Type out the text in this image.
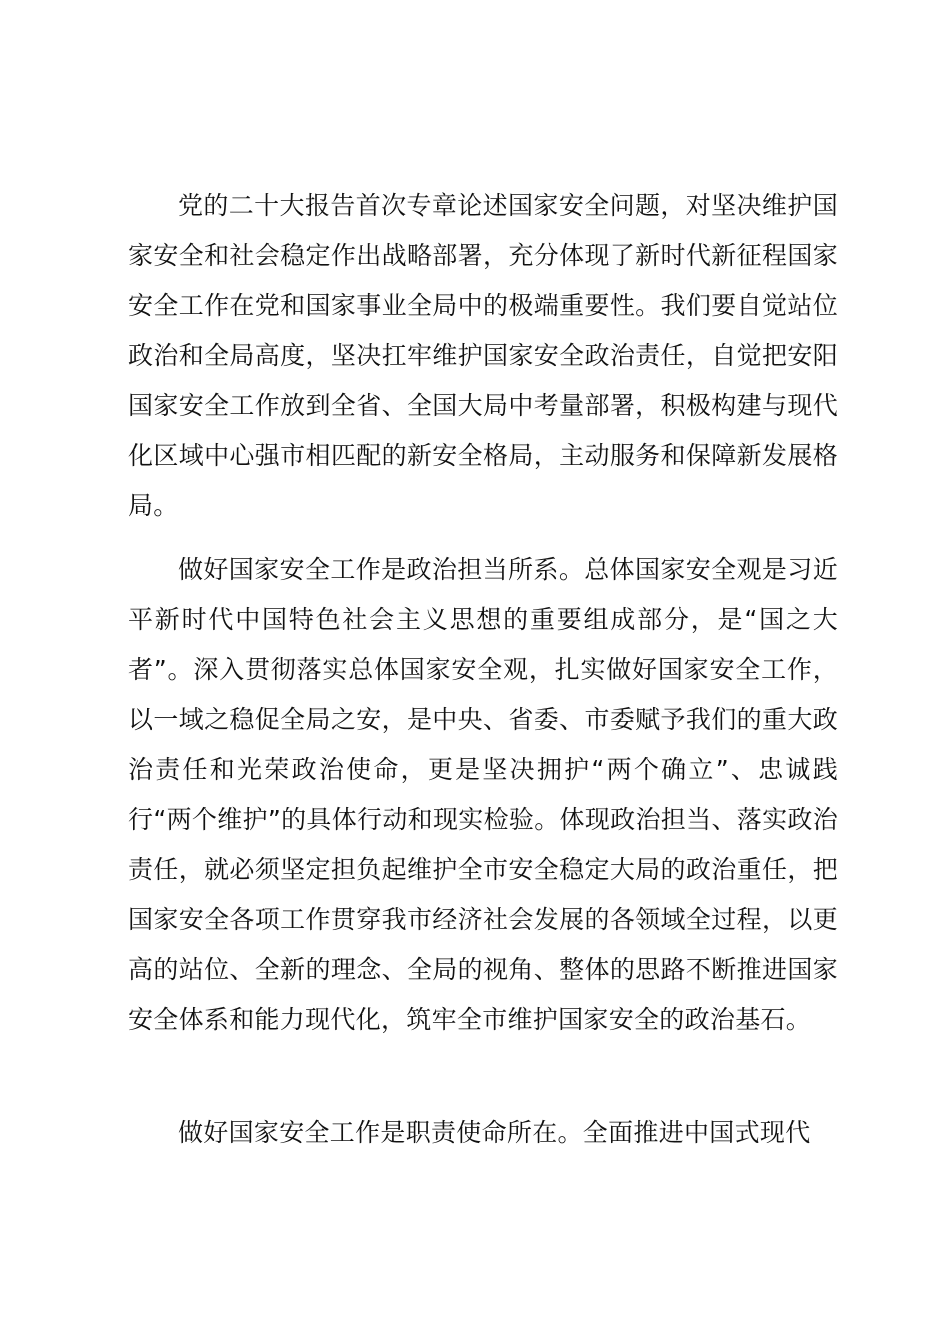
党的二十大报告首次专章论述国家安全问题，对坚决维护国家安全和社会稳定作出战略部署，充分体现了新时代新征程国家安全工作在党和国家事业全局中的极端重要性。我们要自觉站位政治和全局高度，坚决扛牢维护国家安全政治责任，自觉把安阳国家安全工作放到全省、全国大局中考量部署，积极构建与现代化区域中心强市相匹配的新安全格局，主动服务和保障新发展格局。

做好国家安全工作是政治担当所系。总体国家安全观是习近平新时代中国特色社会主义思想的重要组成部分，是“国之大者”。深入贯彻落实总体国家安全观，扎实做好国家安全工作，以一域之稳促全局之安，是中央、省委、市委赋予我们的重大政治责任和光荣政治使命，更是坚决拥护“两个确立”、忠诚践行“两个维护”的具体行动和现实检验。体现政治担当、落实政治责任，就必须坚定担负起维护全市安全稳定大局的政治重任，把国家安全各项工作贯穿我市经济社会发展的各领域全过程，以更高的站位、全新的理念、全局的视角、整体的思路不断推进国家安全体系和能力现代化，筑牢全市维护国家安全的政治基石。

做好国家安全工作是职责使命所在。全面推进中国式现代
